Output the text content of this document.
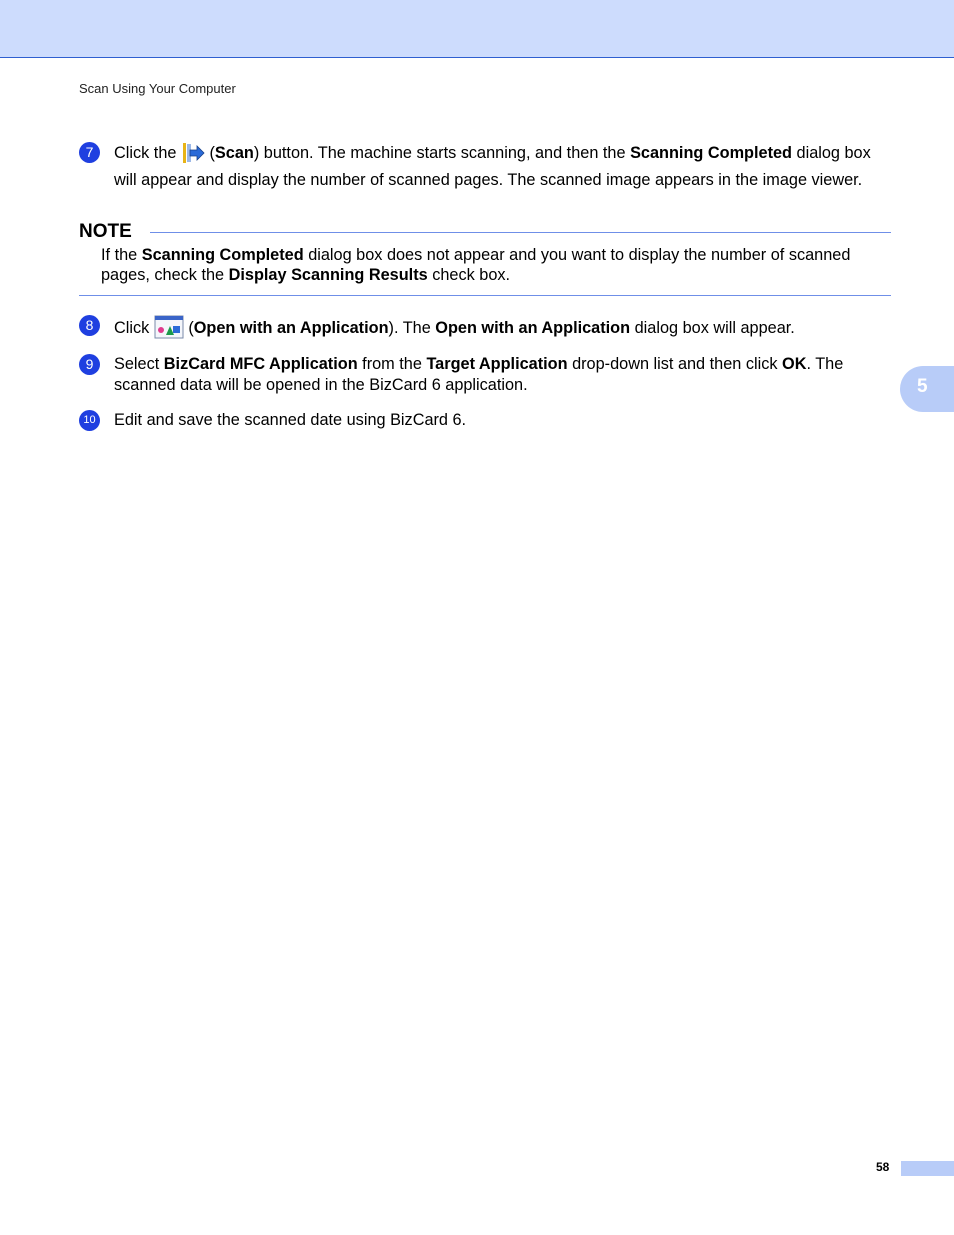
Scan Using Your Computer
7	Click the  (Scan) button. The machine starts scanning, and then the Scanning Completed dialog box will appear and display the number of scanned pages. The scanned image appears in the image viewer.
NOTE
If the Scanning Completed dialog box does not appear and you want to display the number of scanned pages, check the Display Scanning Results check box.
8	Click  (Open with an Application). The Open with an Application dialog box will appear.
9	Select BizCard MFC Application from the Target Application drop-down list and then click OK. The scanned data will be opened in the BizCard 6 application.
10 Edit and save the scanned date using BizCard 6.
5
58
